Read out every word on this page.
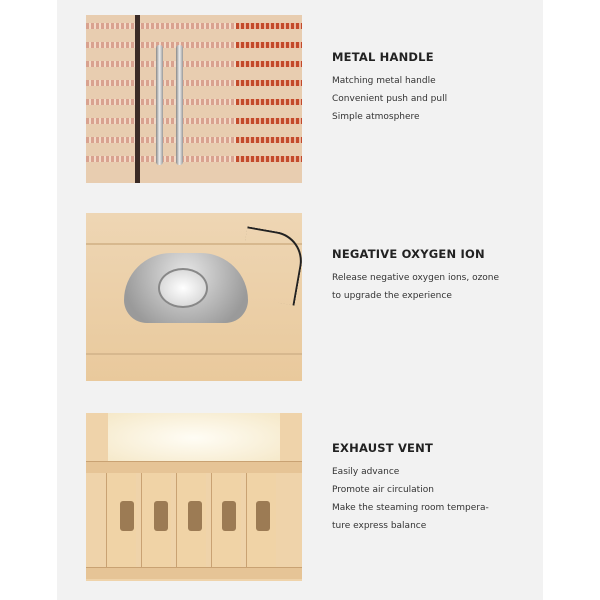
METAL HANDLE
Matching metal handle
Convenient push and pull
Simple atmosphere
NEGATIVE OXYGEN ION
Release negative oxygen ions, ozone
to upgrade the experience
EXHAUST VENT
Easily advance
Promote air circulation
Make the steaming room tempera-
ture express balance
